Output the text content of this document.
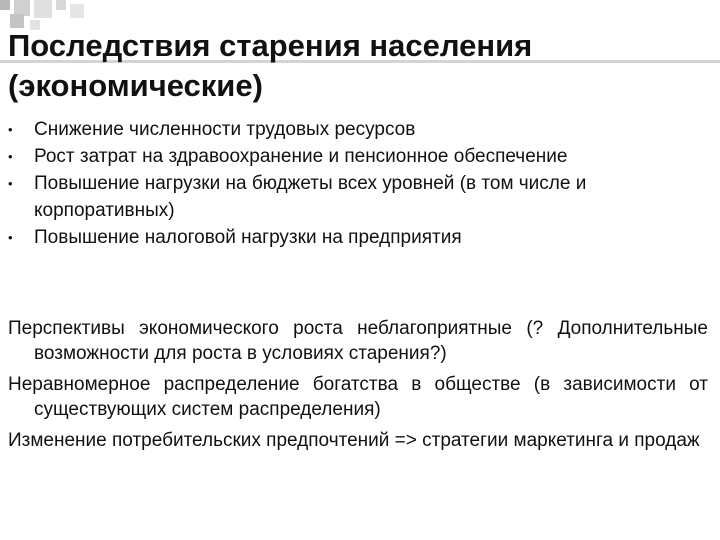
Последствия старения населения
(экономические)
• Снижение численности трудовых ресурсов
• Рост затрат на здравоохранение и пенсионное обеспечение
• Повышение нагрузки на бюджеты всех уровней (в том числе и корпоративных)
• Повышение налоговой нагрузки на предприятия

Перспективы экономического роста неблагоприятные (? Дополнительные возможности для роста в условиях старения?)

Неравномерное распределение богатства в обществе (в зависимости от существующих систем распределения)

Изменение потребительских предпочтений => стратегии маркетинга и продаж
